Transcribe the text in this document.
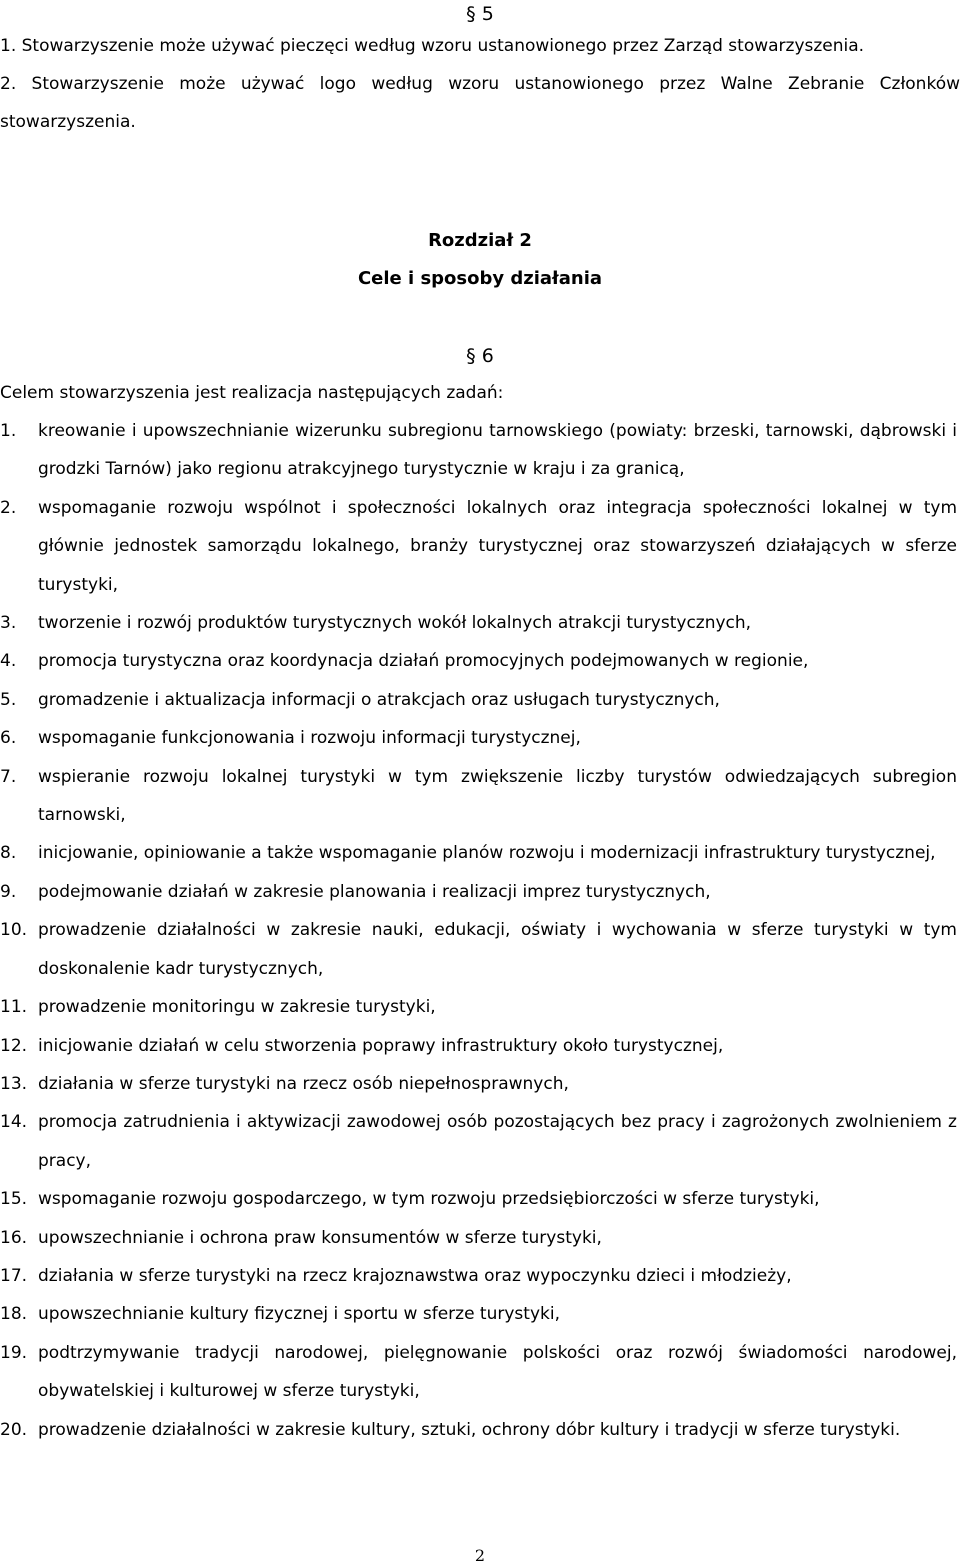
§ 5

1. Stowarzyszenie może używać pieczęci według wzoru ustanowionego przez Zarząd stowarzyszenia.

2. Stowarzyszenie może używać logo według wzoru ustanowionego przez Walne Zebranie Członków

stowarzyszenia.

Rozdział 2

Cele i sposoby działania

§ 6

Celem stowarzyszenia jest realizacja następujących zadań:

1. kreowanie i upowszechnianie wizerunku subregionu tarnowskiego (powiaty: brzeski, tarnowski, dąbrowski i grodzki Tarnów) jako regionu atrakcyjnego turystycznie w kraju i za granicą,
2. wspomaganie rozwoju wspólnot i społeczności lokalnych oraz integracja społeczności lokalnej w tym głównie jednostek samorządu lokalnego, branży turystycznej oraz stowarzyszeń działających w sferze turystyki,
3. tworzenie i rozwój produktów turystycznych wokół lokalnych atrakcji turystycznych,
4. promocja turystyczna oraz koordynacja działań promocyjnych podejmowanych w regionie,
5. gromadzenie i aktualizacja informacji o atrakcjach oraz usługach turystycznych,
6. wspomaganie funkcjonowania i rozwoju informacji turystycznej,
7. wspieranie rozwoju lokalnej turystyki w tym zwiększenie liczby turystów odwiedzających subregion tarnowski,
8. inicjowanie, opiniowanie a także wspomaganie planów rozwoju i modernizacji infrastruktury turystycznej,
9. podejmowanie działań w zakresie planowania i realizacji imprez turystycznych,
10. prowadzenie działalności w zakresie nauki, edukacji, oświaty i wychowania w sferze turystyki w tym doskonalenie kadr turystycznych,
11. prowadzenie monitoringu w zakresie turystyki,
12. inicjowanie działań w celu stworzenia poprawy infrastruktury około turystycznej,
13. działania w sferze turystyki na rzecz osób niepełnosprawnych,
14. promocja zatrudnienia i aktywizacji zawodowej osób pozostających bez pracy i zagrożonych zwolnieniem z pracy,
15. wspomaganie rozwoju gospodarczego, w tym rozwoju przedsiębiorczości w sferze turystyki,
16. upowszechnianie i ochrona praw konsumentów w sferze turystyki,
17. działania w sferze turystyki na rzecz krajoznawstwa oraz wypoczynku dzieci i młodzieży,
18. upowszechnianie kultury fizycznej i sportu w sferze turystyki,
19. podtrzymywanie tradycji narodowej, pielęgnowanie polskości oraz rozwój świadomości narodowej, obywatelskiej i kulturowej w sferze turystyki,
20. prowadzenie działalności w zakresie kultury, sztuki, ochrony dóbr kultury i tradycji w sferze turystyki.
2
